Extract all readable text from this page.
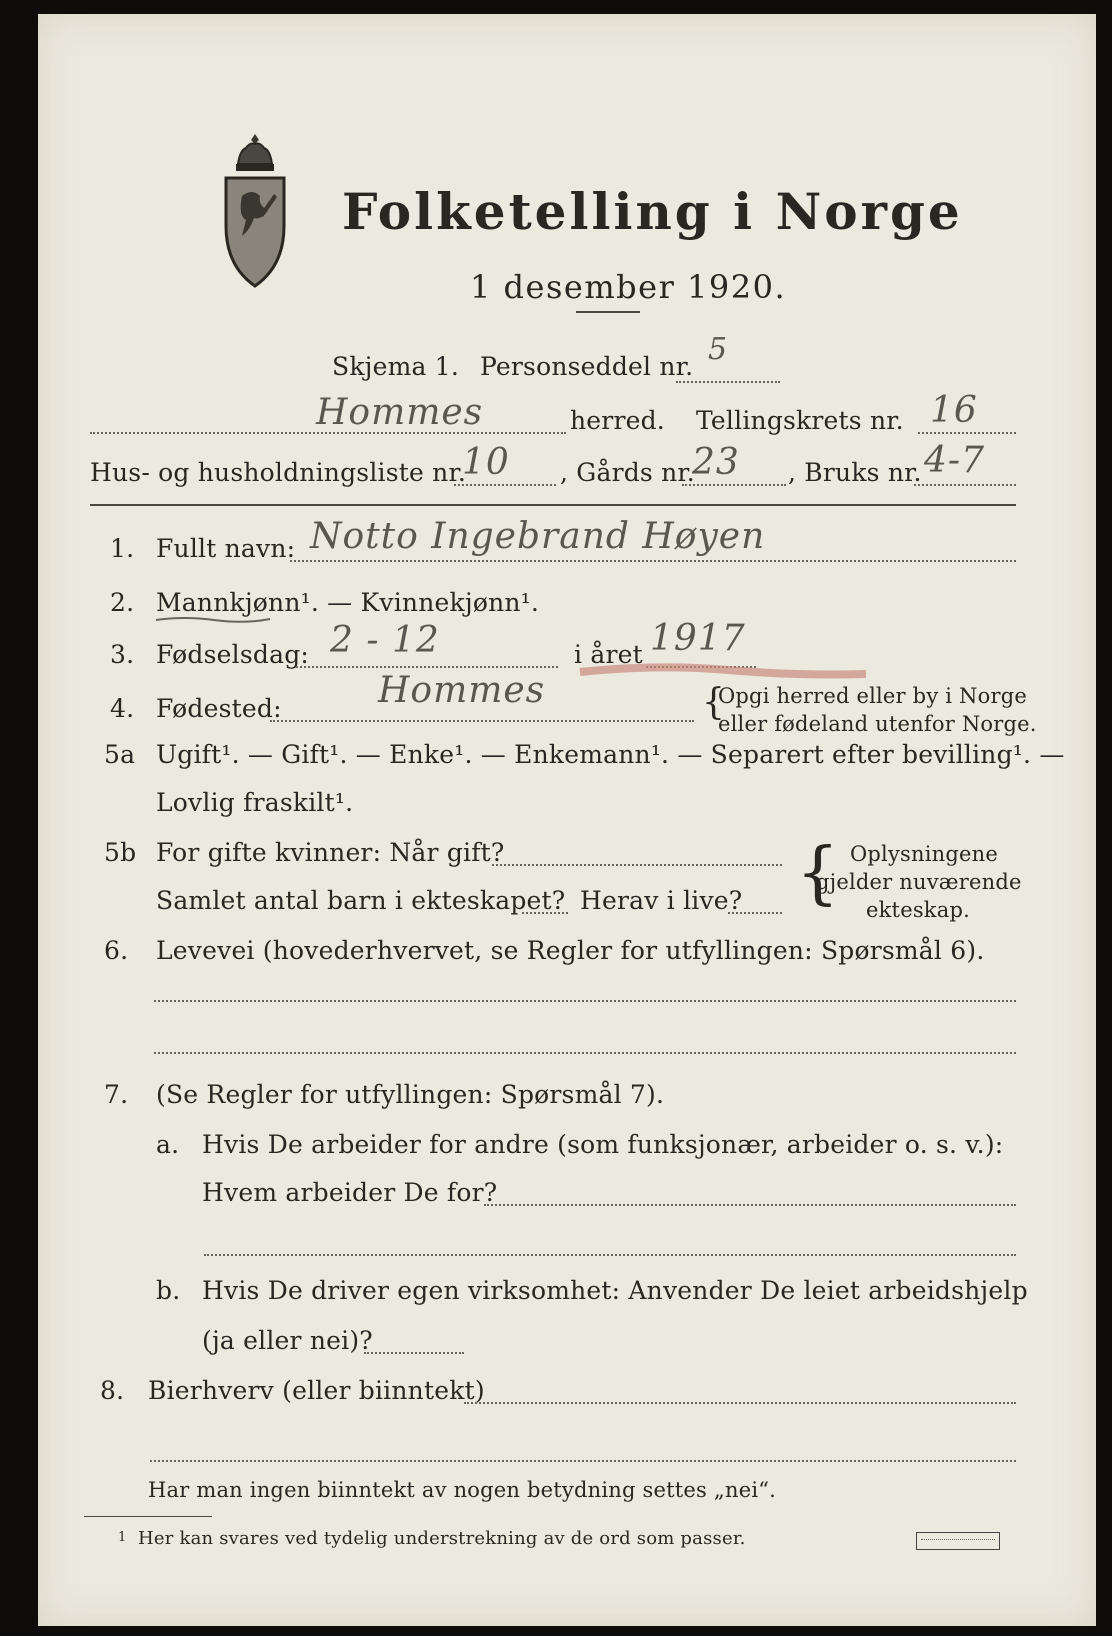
Folketelling i Norge
1 desember 1920.
Skjema 1. Personseddel nr. 5
Hommes	herred. Tellingskrets nr. 16
Hus- og husholdningsliste nr.
10 , Gårds nr.
23 , Bruks nr. 4-7
1. Fullt navn: Notto Ingebrand Høyen
2. Mannkjønn¹. — Kvinnekjønn¹.
3. Fødselsdag: 2 - 12	i året 1917
4. Fødested:	Hommes	{
Opgi herred eller by i Norge
eller fødeland utenfor Norge.
5a Ugift¹. — Gift¹. — Enke¹. — Enkemann¹. — Separert efter bevilling¹. —
Lovlig fraskilt¹.
5b For gifte kvinner: Når gift?
Samlet antal barn i ekteskapet? Herav i live? { Oplysningene
gjelder nuværende
ekteskap.
6. Levevei (hovederhvervet, se Regler for utfyllingen: Spørsmål 6).
7. (Se Regler for utfyllingen: Spørsmål 7).
a. Hvis De arbeider for andre (som funksjonær, arbeider o. s. v.):
Hvem arbeider De for?
b. Hvis De driver egen virksomhet: Anvender De leiet arbeidshjelp
(ja eller nei)?
8. Bierhverv (eller biinntekt)
Har man ingen biinntekt av nogen betydning settes „nei“.
1 Her kan svares ved tydelig understrekning av de ord som passer.
